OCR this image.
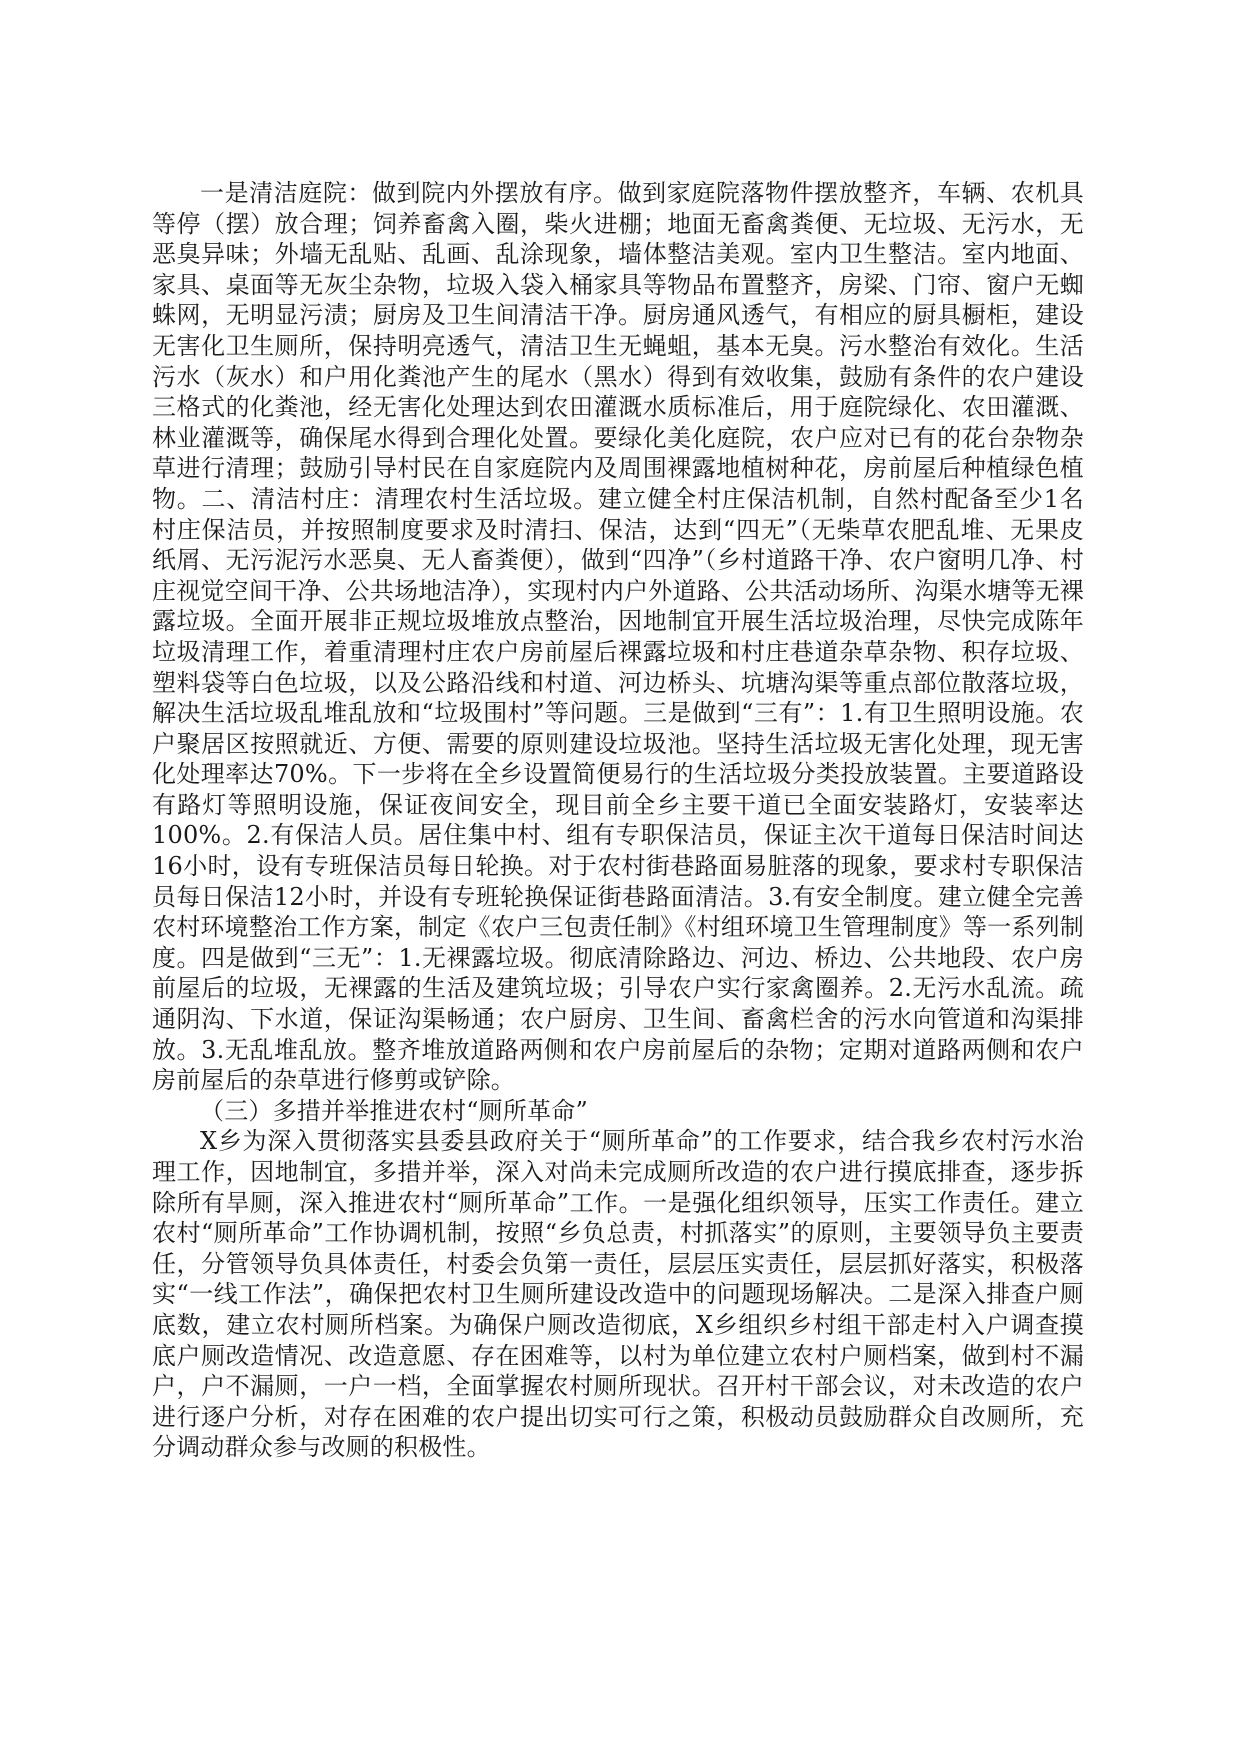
一是清洁庭院：做到院内外摆放有序。做到家庭院落物件摆放整齐，车辆、农机具等停（摆）放合理；饲养畜禽入圈，柴火进棚；地面无畜禽粪便、无垃圾、无污水，无恶臭异味；外墙无乱贴、乱画、乱涂现象，墙体整洁美观。室内卫生整洁。室内地面、家具、桌面等无灰尘杂物，垃圾入袋入桶家具等物品布置整齐，房梁、门帘、窗户无蜘蛛网，无明显污渍；厨房及卫生间清洁干净。厨房通风透气，有相应的厨具橱柜，建设无害化卫生厕所，保持明亮透气，清洁卫生无蝇蛆，基本无臭。污水整治有效化。生活污水（灰水）和户用化粪池产生的尾水（黑水）得到有效收集，鼓励有条件的农户建设三格式的化粪池，经无害化处理达到农田灌溉水质标准后，用于庭院绿化、农田灌溉、林业灌溉等，确保尾水得到合理化处置。要绿化美化庭院，农户应对已有的花台杂物杂草进行清理；鼓励引导村民在自家庭院内及周围裸露地植树种花，房前屋后种植绿色植物。二、清洁村庄：清理农村生活垃圾。建立健全村庄保洁机制，自然村配备至少1名村庄保洁员，并按照制度要求及时清扫、保洁，达到“四无”（无柴草农肥乱堆、无果皮纸屑、无污泥污水恶臭、无人畜粪便），做到“四净”（乡村道路干净、农户窗明几净、村庄视觉空间干净、公共场地洁净），实现村内户外道路、公共活动场所、沟渠水塘等无裸露垃圾。全面开展非正规垃圾堆放点整治，因地制宜开展生活垃圾治理，尽快完成陈年垃圾清理工作，着重清理村庄农户房前屋后裸露垃圾和村庄巷道杂草杂物、积存垃圾、塑料袋等白色垃圾，以及公路沿线和村道、河边桥头、坑塘沟渠等重点部位散落垃圾，解决生活垃圾乱堆乱放和“垃圾围村”等问题。三是做到“三有”：1.有卫生照明设施。农户聚居区按照就近、方便、需要的原则建设垃圾池。坚持生活垃圾无害化处理，现无害化处理率达70%。下一步将在全乡设置简便易行的生活垃圾分类投放装置。主要道路设有路灯等照明设施，保证夜间安全，现目前全乡主要干道已全面安装路灯，安装率达100%。2.有保洁人员。居住集中村、组有专职保洁员，保证主次干道每日保洁时间达16小时，设有专班保洁员每日轮换。对于农村街巷路面易脏落的现象，要求村专职保洁员每日保洁12小时，并设有专班轮换保证街巷路面清洁。3.有安全制度。建立健全完善农村环境整治工作方案，制定《农户三包责任制》《村组环境卫生管理制度》等一系列制度。四是做到“三无”：1.无裸露垃圾。彻底清除路边、河边、桥边、公共地段、农户房前屋后的垃圾，无裸露的生活及建筑垃圾；引导农户实行家禽圈养。2.无污水乱流。疏通阴沟、下水道，保证沟渠畅通；农户厨房、卫生间、畜禽栏舍的污水向管道和沟渠排放。3.无乱堆乱放。整齐堆放道路两侧和农户房前屋后的杂物；定期对道路两侧和农户房前屋后的杂草进行修剪或铲除。

（三）多措并举推进农村“厕所革命”

X乡为深入贯彻落实县委县政府关于“厕所革命”的工作要求，结合我乡农村污水治理工作，因地制宜，多措并举，深入对尚未完成厕所改造的农户进行摸底排查，逐步拆除所有旱厕，深入推进农村“厕所革命”工作。一是强化组织领导，压实工作责任。建立农村“厕所革命”工作协调机制，按照“乡负总责，村抓落实”的原则，主要领导负主要责任，分管领导负具体责任，村委会负第一责任，层层压实责任，层层抓好落实，积极落实“一线工作法”，确保把农村卫生厕所建设改造中的问题现场解决。二是深入排查户厕底数，建立农村厕所档案。为确保户厕改造彻底，X乡组织乡村组干部走村入户调查摸底户厕改造情况、改造意愿、存在困难等，以村为单位建立农村户厕档案，做到村不漏户，户不漏厕，一户一档，全面掌握农村厕所现状。召开村干部会议，对未改造的农户进行逐户分析，对存在困难的农户提出切实可行之策，积极动员鼓励群众自改厕所，充分调动群众参与改厕的积极性。
